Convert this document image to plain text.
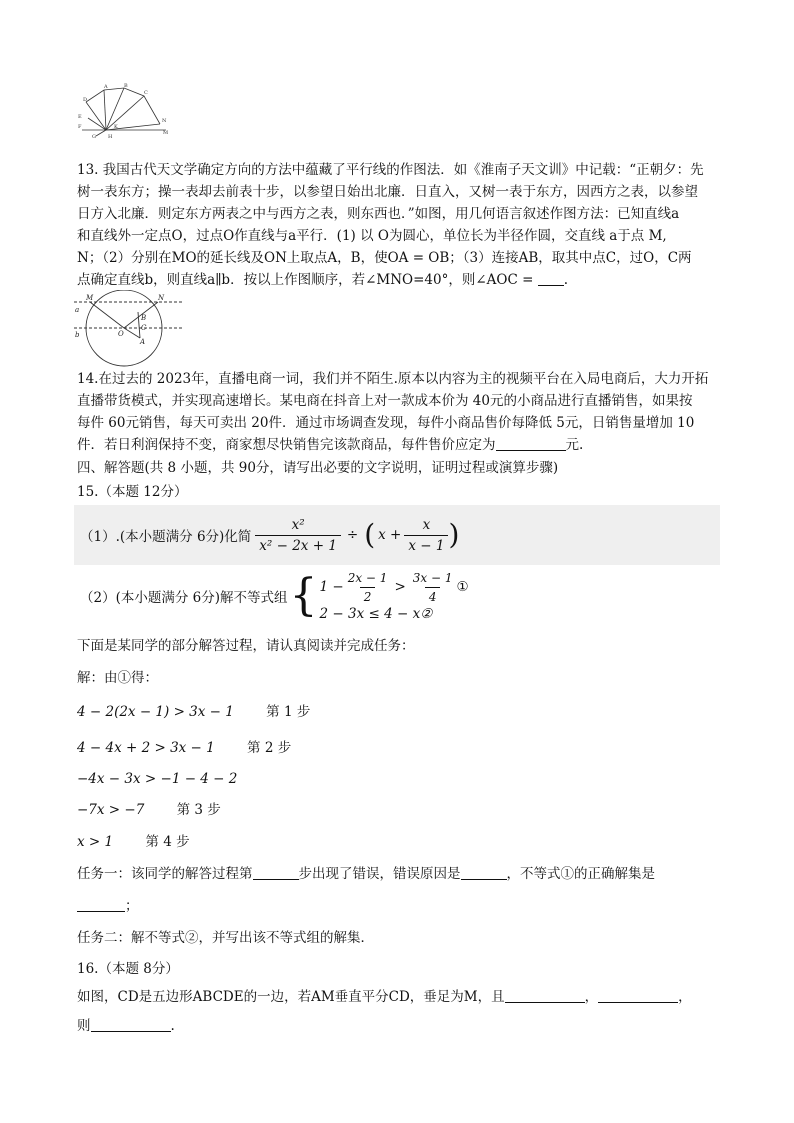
A	B
C
D
E
F
G H
K
M
N
13. 我国古代天文学确定方向的方法中蕴藏了平行线的作图法．如《淮南子天文训》中记载：“正朝夕：先
树一表东方；操一表却去前表十步，以参望日始出北廉．日直入，又树一表于东方，因西方之表，以参望
日方入北廉．则定东方两表之中与西方之表，则东西也．”如图，用几何语言叙述作图方法：已知直线a
和直线外一定点O，过点O作直线与a平行．(1) 以 O为圆心，单位长为半径作圆，交直线 a于点 M,
N；（2）分别在MO的延长线及ON上取点A，B，使OA = OB；（3）连接AB，取其中点C，过O，C两
点确定直线b，则直线a∥b．按以上作图顺序，若∠MNO=40°，则∠AOC = .
M	N
a
b	O
B
C
A
14.在过去的 2023年，直播电商一词，我们并不陌生.原本以内容为主的视频平台在入局电商后，大力开拓
直播带货模式，并实现高速增长。某电商在抖音上对一款成本价为 40元的小商品进行直播销售，如果按
每件 60元销售，每天可卖出 20件．通过市场调查发现，每件小商品售价每降低 5元，日销售量增加 10
件．若日利润保持不变，商家想尽快销售完该款商品，每件售价应定为	元.
四、解答题(共 8 小题，共 90分，请写出必要的文字说明，证明过程或演算步骤)
15.（本题 12分）
（1）.(本小题满分 6分)化简 $\frac{\text{x²}}{\text{x² − 2x + 1}}$ ÷ ( $x + \frac{x}{x - 1}$ )
（2）(本小题满分 6分)解不等式组 { $1 - \frac{2x - 1}{2} > \frac{3x - 1}{4}$ ①
2 − 3x ≤ 4 − x②
下面是某同学的部分解答过程，请认真阅读并完成任务：
解：由①得：
4 − 2(2x − 1) > 3x − 1 第 1 步
4 − 4x + 2 > 3x − 1 第 2 步
−4x − 3x > −1 − 4 − 2
−7x > −7 第 3 步
x > 1 第 4 步
任务一：该同学的解答过程第	步出现了错误，错误原因是	，不等式①的正确解集是
；
任务二：解不等式②，并写出该不等式组的解集．
16.（本题 8分）
如图，CD是五边形ABCDE的一边，若AM垂直平分CD，垂足为M，且	，	，
则	.
